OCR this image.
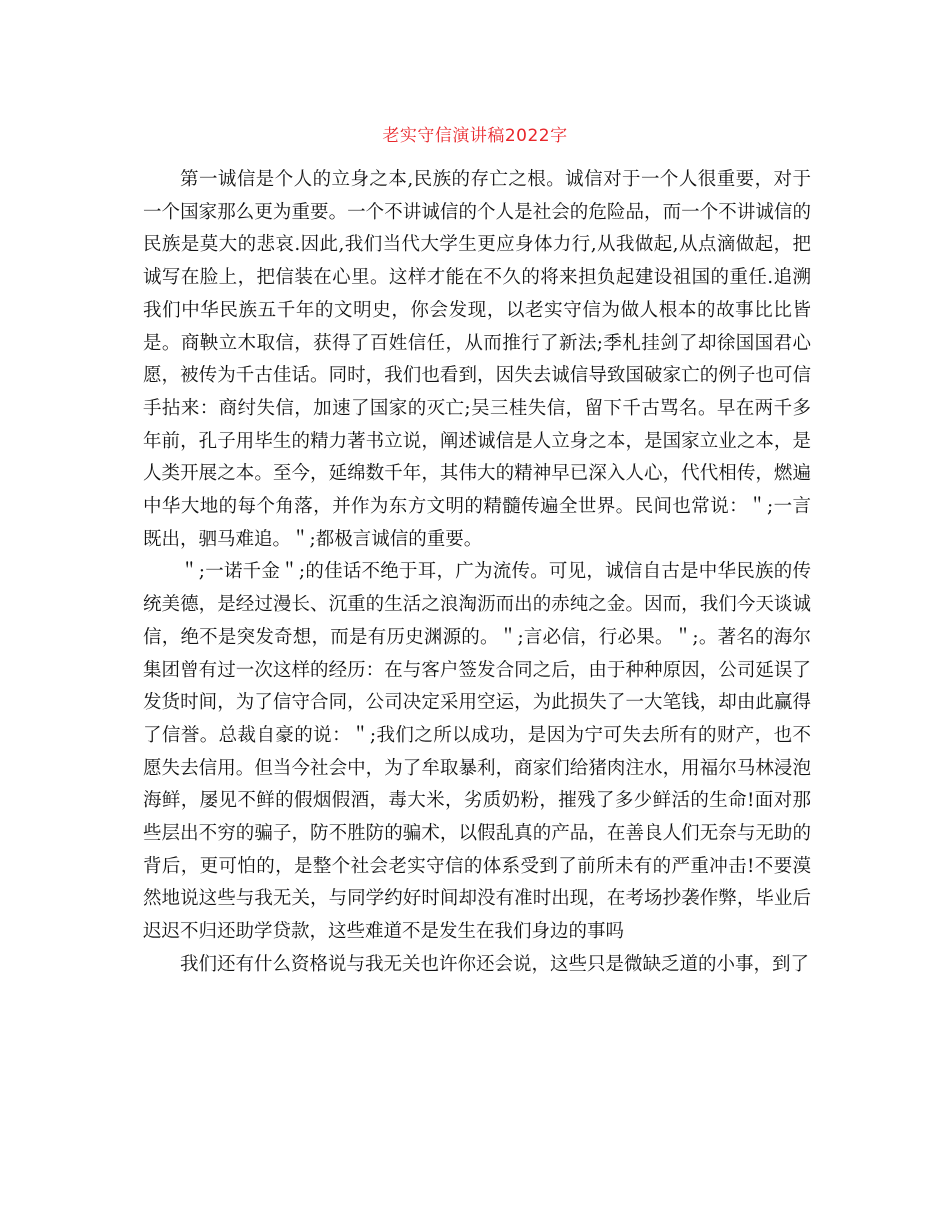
老实守信演讲稿2022字

第一诚信是个人的立身之本,民族的存亡之根。诚信对于一个人很重要，对于一个国家那么更为重要。一个不讲诚信的个人是社会的危险品，而一个不讲诚信的民族是莫大的悲哀.因此,我们当代大学生更应身体力行,从我做起,从点滴做起，把诚写在脸上，把信装在心里。这样才能在不久的将来担负起建设祖国的重任.追溯我们中华民族五千年的文明史，你会发现，以老实守信为做人根本的故事比比皆是。商鞅立木取信，获得了百姓信任，从而推行了新法;季札挂剑了却徐国国君心愿，被传为千古佳话。同时，我们也看到，因失去诚信导致国破家亡的例子也可信手拈来：商纣失信，加速了国家的灭亡;吴三桂失信，留下千古骂名。早在两千多年前，孔子用毕生的精力著书立说，阐述诚信是人立身之本，是国家立业之本，是人类开展之本。至今，延绵数千年，其伟大的精神早已深入人心，代代相传，燃遍中华大地的每个角落，并作为东方文明的精髓传遍全世界。民间也常说：＂;一言既出，驷马难追。＂;都极言诚信的重要。

＂;一诺千金＂;的佳话不绝于耳，广为流传。可见，诚信自古是中华民族的传统美德，是经过漫长、沉重的生活之浪淘沥而出的赤纯之金。因而，我们今天谈诚信，绝不是突发奇想，而是有历史渊源的。＂;言必信，行必果。＂;。著名的海尔集团曾有过一次这样的经历：在与客户签发合同之后，由于种种原因，公司延误了发货时间，为了信守合同，公司决定采用空运，为此损失了一大笔钱，却由此赢得了信誉。总裁自豪的说：＂;我们之所以成功，是因为宁可失去所有的财产，也不愿失去信用。但当今社会中，为了牟取暴利，商家们给猪肉注水，用福尔马林浸泡海鲜，屡见不鲜的假烟假酒，毒大米，劣质奶粉，摧残了多少鲜活的生命!面对那些层出不穷的骗子，防不胜防的骗术，以假乱真的产品，在善良人们无奈与无助的背后，更可怕的，是整个社会老实守信的体系受到了前所未有的严重冲击!不要漠然地说这些与我无关，与同学约好时间却没有准时出现，在考场抄袭作弊，毕业后迟迟不归还助学贷款，这些难道不是发生在我们身边的事吗

我们还有什么资格说与我无关也许你还会说，这些只是微缺乏道的小事，到了
